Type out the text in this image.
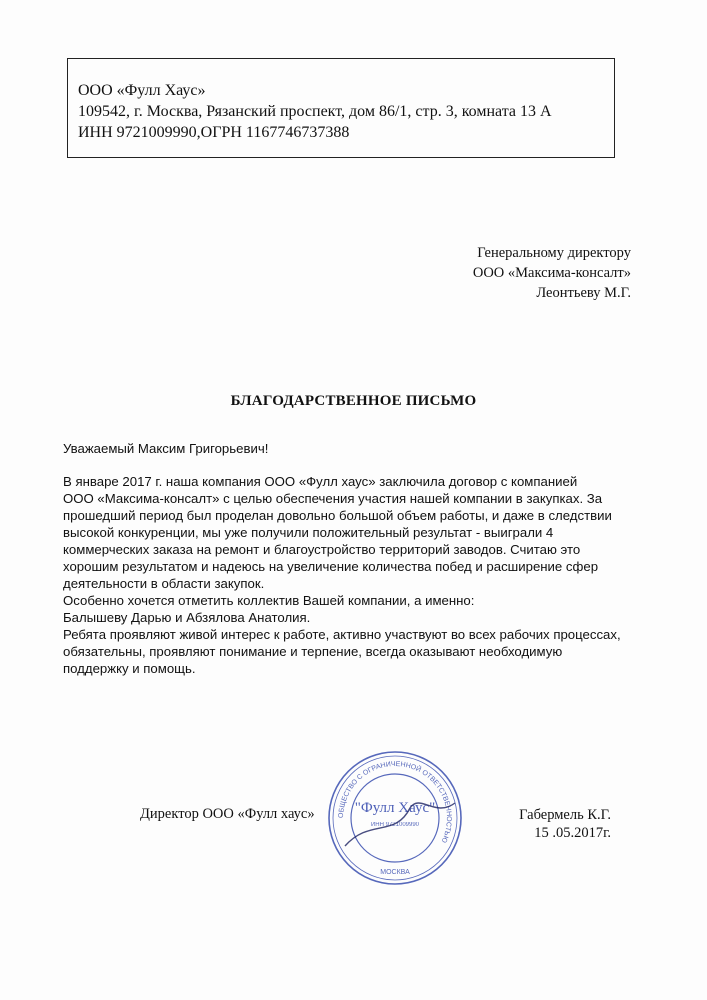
ООО «Фулл Хаус»
109542, г. Москва, Рязанский проспект, дом 86/1, стр. 3, комната 13 А
ИНН 9721009990,ОГРН 1167746737388
Генеральному директору
ООО «Максима-консалт»
Леонтьеву М.Г.
БЛАГОДАРСТВЕННОЕ ПИСЬМО
Уважаемый Максим Григорьевич!
В январе 2017 г. наша компания ООО «Фулл хаус» заключила договор с компанией
ООО «Максима-консалт» с целью обеспечения участия нашей компании в закупках. За
прошедший период был проделан довольно большой объем работы, и даже в следствии
высокой конкуренции, мы уже получили положительный результат - выиграли 4
коммерческих заказа на ремонт и благоустройство территорий заводов. Считаю это
хорошим результатом и надеюсь на увеличение количества побед и расширение сфер
деятельности в области закупок.
Особенно хочется отметить коллектив Вашей компании, а именно:
Балышеву Дарью и Абзялова Анатолия.
Ребята проявляют живой интерес к работе, активно участвуют во всех рабочих процессах,
обязательны, проявляют понимание и терпение, всегда оказывают необходимую
поддержку и помощь.
Директор ООО «Фулл хаус»	Габермель К.Г.
15 .05.2017г.
ОБЩЕСТВО С ОГРАНИЧЕННОЙ ОТВЕТСТВЕННОСТЬЮ
"Фулл Хаус"
ИНН 9721009990
МОСКВА
